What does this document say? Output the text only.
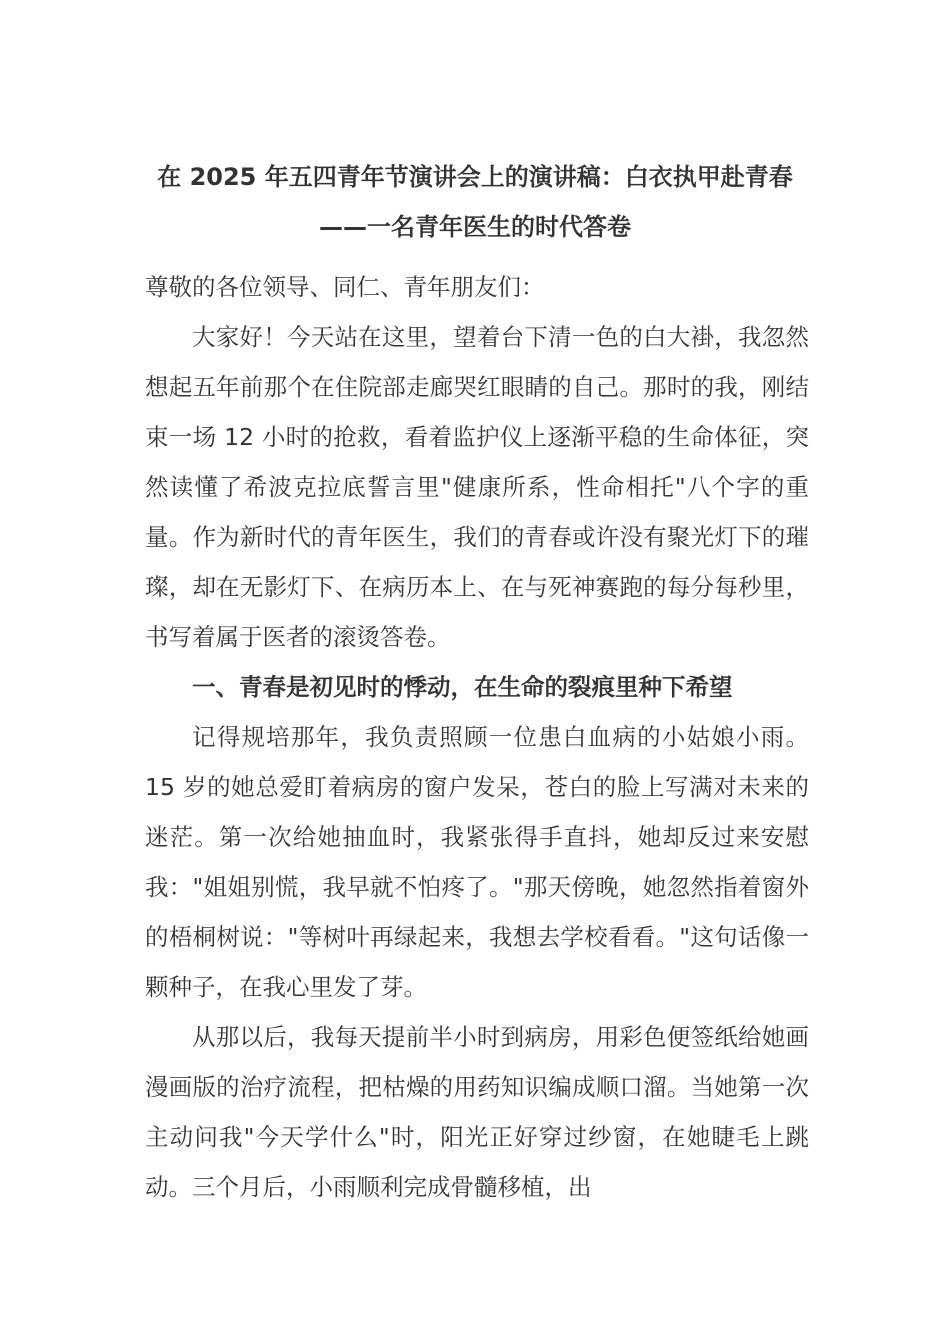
在 2025 年五四青年节演讲会上的演讲稿：白衣执甲赴青春——一名青年医生的时代答卷

尊敬的各位领导、同仁、青年朋友们：

大家好！今天站在这里，望着台下清一色的白大褂，我忽然想起五年前那个在住院部走廊哭红眼睛的自己。那时的我，刚结束一场 12 小时的抢救，看着监护仪上逐渐平稳的生命体征，突然读懂了希波克拉底誓言里"健康所系，性命相托"八个字的重量。作为新时代的青年医生，我们的青春或许没有聚光灯下的璀璨，却在无影灯下、在病历本上、在与死神赛跑的每分每秒里，书写着属于医者的滚烫答卷。

一、青春是初见时的悸动，在生命的裂痕里种下希望

记得规培那年，我负责照顾一位患白血病的小姑娘小雨。15 岁的她总爱盯着病房的窗户发呆，苍白的脸上写满对未来的迷茫。第一次给她抽血时，我紧张得手直抖，她却反过来安慰我："姐姐别慌，我早就不怕疼了。"那天傍晚，她忽然指着窗外的梧桐树说："等树叶再绿起来，我想去学校看看。"这句话像一颗种子，在我心里发了芽。

从那以后，我每天提前半小时到病房，用彩色便签纸给她画漫画版的治疗流程，把枯燥的用药知识编成顺口溜。当她第一次主动问我"今天学什么"时，阳光正好穿过纱窗，在她睫毛上跳动。三个月后，小雨顺利完成骨髓移植，出
